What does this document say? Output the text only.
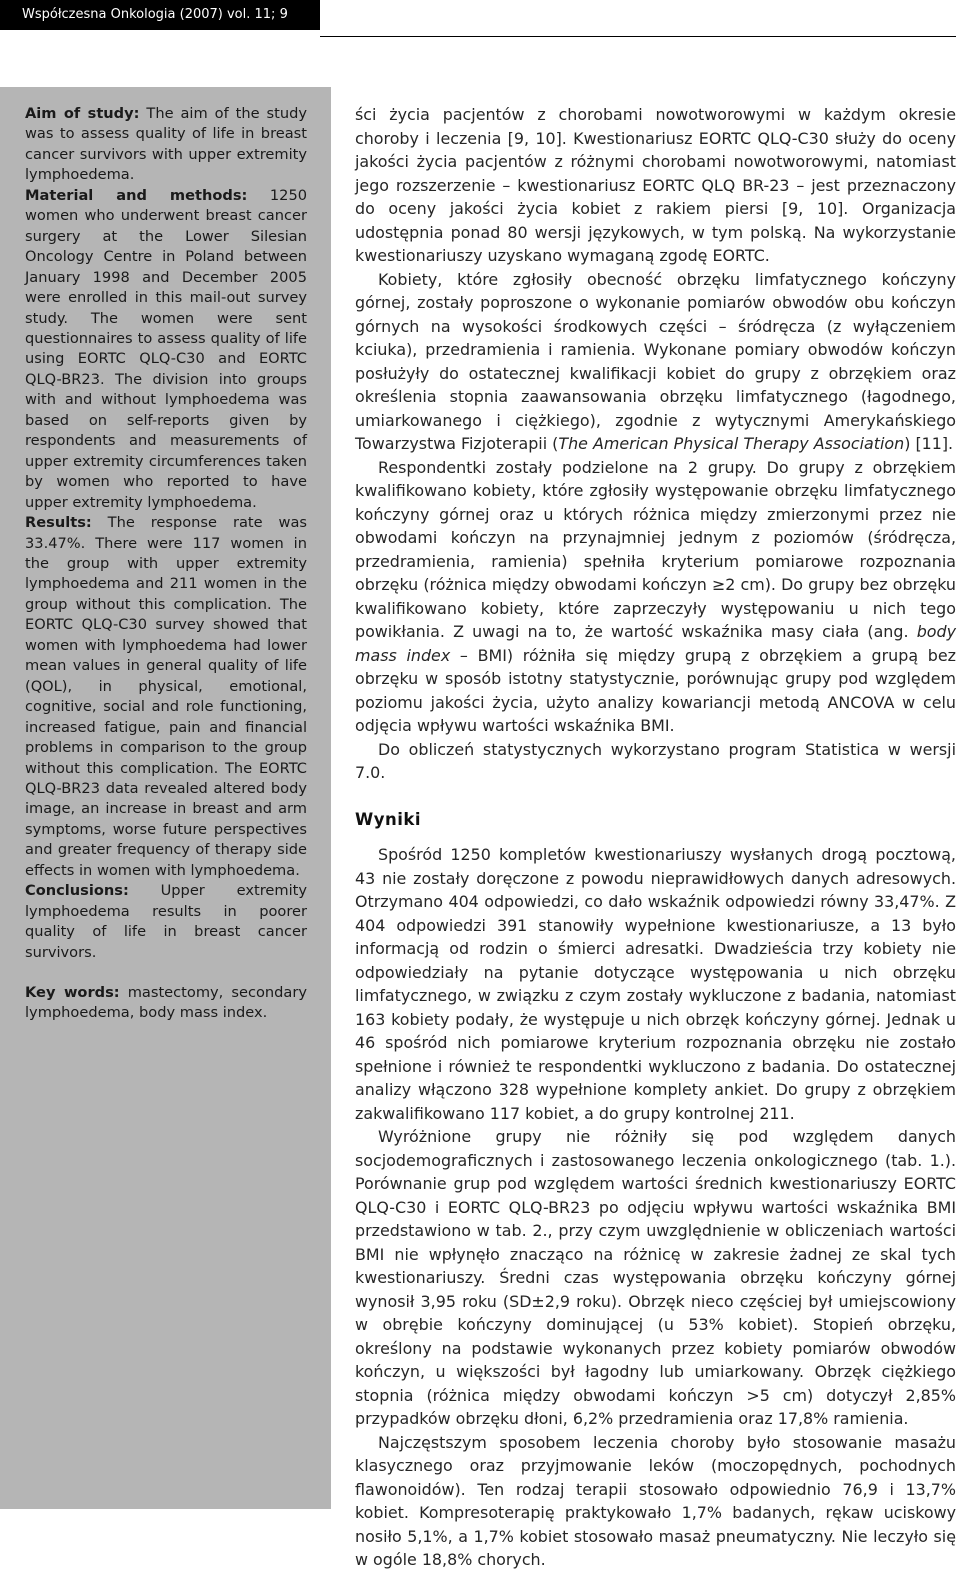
Współczesna Onkologia (2007) vol. 11; 9 (444–448)

Aim of study: The aim of the study was to assess quality of life in breast cancer survivors with upper extremity lymphoedema.

Material and methods: 1250 women who underwent breast cancer surgery at the Lower Silesian Oncology Centre in Poland between January 1998 and December 2005 were enrolled in this mail-out survey study. The women were sent questionnaires to assess quality of life using EORTC QLQ-C30 and EORTC QLQ-BR23. The division into groups with and without lymphoedema was based on self-reports given by respondents and measurements of upper extremity circumferences taken by women who reported to have upper extremity lymphoedema.

Results: The response rate was 33.47%. There were 117 women in the group with upper extremity lymphoedema and 211 women in the group without this complication. The EORTC QLQ-C30 survey showed that women with lymphoedema had lower mean values in general quality of life (QOL), in physical, emotional, cognitive, social and role functioning, increased fatigue, pain and financial problems in comparison to the group without this complication. The EORTC QLQ-BR23 data revealed altered body image, an increase in breast and arm symptoms, worse future perspectives and greater frequency of therapy side effects in women with lymphoedema.

Conclusions: Upper extremity lymphoedema results in poorer quality of life in breast cancer survivors.

Key words: mastectomy, secondary lymphoedema, body mass index.

ści życia pacjentów z chorobami nowotworowymi w każdym okresie choroby i leczenia [9, 10]. Kwestionariusz EORTC QLQ-C30 służy do oceny jakości życia pacjentów z różnymi chorobami nowotworowymi, natomiast jego rozszerzenie – kwestionariusz EORTC QLQ BR-23 – jest przeznaczony do oceny jakości życia kobiet z rakiem piersi [9, 10]. Organizacja udostępnia ponad 80 wersji językowych, w tym polską. Na wykorzystanie kwestionariuszy uzyskano wymaganą zgodę EORTC.

Kobiety, które zgłosiły obecność obrzęku limfatycznego kończyny górnej, zostały poproszone o wykonanie pomiarów obwodów obu kończyn górnych na wysokości środkowych części – śródręcza (z wyłączeniem kciuka), przedramienia i ramienia. Wykonane pomiary obwodów kończyn posłużyły do ostatecznej kwalifikacji kobiet do grupy z obrzękiem oraz określenia stopnia zaawansowania obrzęku limfatycznego (łagodnego, umiarkowanego i ciężkiego), zgodnie z wytycznymi Amerykańskiego Towarzystwa Fizjoterapii (The American Physical Therapy Association) [11].

Respondentki zostały podzielone na 2 grupy. Do grupy z obrzękiem kwalifikowano kobiety, które zgłosiły występowanie obrzęku limfatycznego kończyny górnej oraz u których różnica między zmierzonymi przez nie obwodami kończyn na przynajmniej jednym z poziomów (śródręcza, przedramienia, ramienia) spełniła kryterium pomiarowe rozpoznania obrzęku (różnica między obwodami kończyn ≥2 cm). Do grupy bez obrzęku kwalifikowano kobiety, które zaprzeczyły występowaniu u nich tego powikłania. Z uwagi na to, że wartość wskaźnika masy ciała (ang. body mass index – BMI) różniła się między grupą z obrzękiem a grupą bez obrzęku w sposób istotny statystycznie, porównując grupy pod względem poziomu jakości życia, użyto analizy kowariancji metodą ANCOVA w celu odjęcia wpływu wartości wskaźnika BMI.

Do obliczeń statystycznych wykorzystano program Statistica w wersji 7.0.

Wyniki

Spośród 1250 kompletów kwestionariuszy wysłanych drogą pocztową, 43 nie zostały doręczone z powodu nieprawidłowych danych adresowych. Otrzymano 404 odpowiedzi, co dało wskaźnik odpowiedzi równy 33,47%. Z 404 odpowiedzi 391 stanowiły wypełnione kwestionariusze, a 13 było informacją od rodzin o śmierci adresatki. Dwadzieścia trzy kobiety nie odpowiedziały na pytanie dotyczące występowania u nich obrzęku limfatycznego, w związku z czym zostały wykluczone z badania, natomiast 163 kobiety podały, że występuje u nich obrzęk kończyny górnej. Jednak u 46 spośród nich pomiarowe kryterium rozpoznania obrzęku nie zostało spełnione i również te respondentki wykluczono z badania. Do ostatecznej analizy włączono 328 wypełnione komplety ankiet. Do grupy z obrzękiem zakwalifikowano 117 kobiet, a do grupy kontrolnej 211.

Wyróżnione grupy nie różniły się pod względem danych socjodemograficznych i zastosowanego leczenia onkologicznego (tab. 1.). Porównanie grup pod względem wartości średnich kwestionariuszy EORTC QLQ-C30 i EORTC QLQ-BR23 po odjęciu wpływu wartości wskaźnika BMI przedstawiono w tab. 2., przy czym uwzględnienie w obliczeniach wartości BMI nie wpłynęło znacząco na różnicę w zakresie żadnej ze skal tych kwestionariuszy. Średni czas występowania obrzęku kończyny górnej wynosił 3,95 roku (SD±2,9 roku). Obrzęk nieco częściej był umiejscowiony w obrębie kończyny dominującej (u 53% kobiet). Stopień obrzęku, określony na podstawie wykonanych przez kobiety pomiarów obwodów kończyn, u większości był łagodny lub umiarkowany. Obrzęk ciężkiego stopnia (różnica między obwodami kończyn >5 cm) dotyczył 2,85% przypadków obrzęku dłoni, 6,2% przedramienia oraz 17,8% ramienia.

Najczęstszym sposobem leczenia choroby było stosowanie masażu klasycznego oraz przyjmowanie leków (moczopędnych, pochodnych flawonoidów). Ten rodzaj terapii stosowało odpowiednio 76,9 i 13,7% kobiet. Kompresoterapię praktykowało 1,7% badanych, rękaw uciskowy nosiło 5,1%, a 1,7% kobiet stosowało masaż pneumatyczny. Nie leczyło się w ogóle 18,8% chorych.
